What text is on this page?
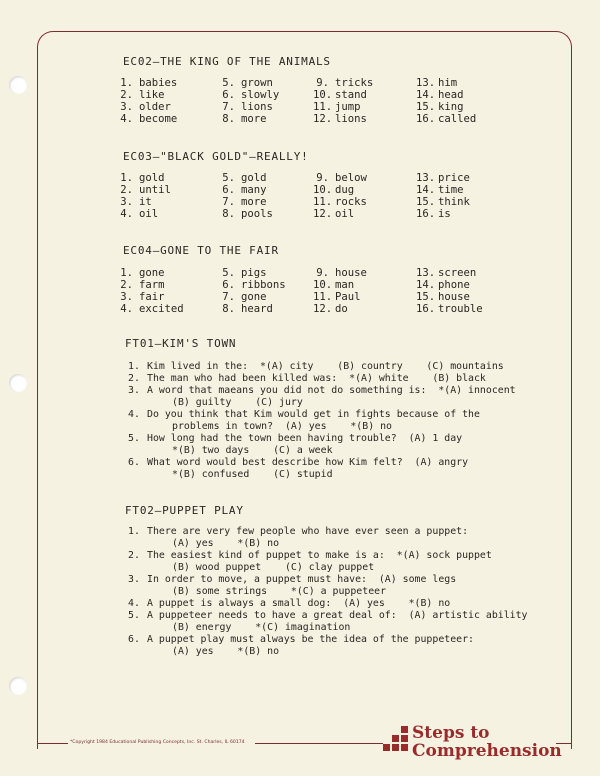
EC02—THE KING OF THE ANIMALS
1. babies
2. like
3. older
4. become
5. grown
6. slowly
7. lions
8. more
9. tricks
10. stand
11. jump
12. lions
13. him
14. head
15. king
16. called
EC03—"BLACK GOLD"—REALLY!
1. gold
2. until
3. it
4. oil
5. gold
6. many
7. more
8. pools
9. below
10. dug
11. rocks
12. oil
13. price
14. time
15. think
16. is
EC04—GONE TO THE FAIR
1. gone
2. farm
3. fair
4. excited
5. pigs
6. ribbons
7. gone
8. heard
9. house
10. man
11. Paul
12. do
13. screen
14. phone
15. house
16. trouble
FT01—KIM'S TOWN
1. Kim lived in the:  *(A) city    (B) country    (C) mountains
2. The man who had been killed was:  *(A) white    (B) black
3. A word that maeans you did not do something is:  *(A) innocent
(B) guilty    (C) jury
4. Do you think that Kim would get in fights because of the
problems in town?  (A) yes    *(B) no
5. How long had the town been having trouble?  (A) 1 day
*(B) two days    (C) a week
6. What word would best describe how Kim felt?  (A) angry
*(B) confused    (C) stupid
FT02—PUPPET PLAY
1. There are very few people who have ever seen a puppet:
(A) yes    *(B) no
2. The easiest kind of puppet to make is a:  *(A) sock puppet
(B) wood puppet    (C) clay puppet
3. In order to move, a puppet must have:  (A) some legs
(B) some strings    *(C) a puppeteer
4. A puppet is always a small dog:  (A) yes    *(B) no
5. A puppeteer needs to have a great deal of:  (A) artistic ability
(B) energy    *(C) imagination
6. A puppet play must always be the idea of the puppeteer:
(A) yes    *(B) no
*Copyright 1984 Educational Publishing Concepts, Inc. St. Charles, IL 60174	Steps to
Comprehension
